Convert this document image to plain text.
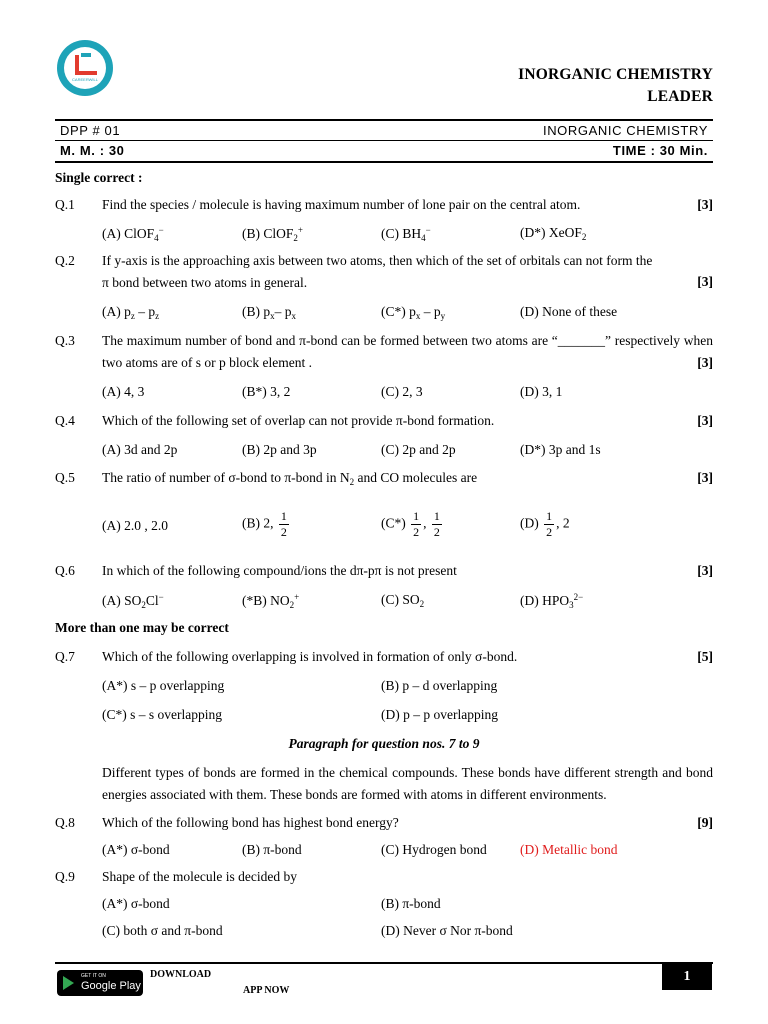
CAREERWILL	INORGANIC CHEMISTRY
LEADER
DPP # 01	INORGANIC CHEMISTRY
M. M. : 30	TIME : 30 Min.
Single correct :
Q.1 Find the species / molecule is having maximum number of lone pair on the central atom.	[3]
(A) ClOF$_4$−	(B) ClOF$_2$+	(C) $BH_4^-$	(D*) XeOF$_2$
Q.2 If y-axis is the approaching axis between two atoms, then which of the set of orbitals can not form the π bond between two atoms in general.	[3]
(A) $p_z - p_z$	(B) $p_x-$ $p_x$	(C*) $p_x - p_y$	(D) None of these
Q.3 The maximum number of bond and π-bond can be formed between two atoms are “_______” respectively when two atoms are of s or p block element .	[3]
(A) 4, 3	(B*) 3, 2	(C) 2, 3	(D) 3, 1
Q.4 Which of the following set of overlap can not provide π-bond formation.	[3]
(A) 3d and 2p	(B) 2p and 3p	(C) 2p and 2p	(D*) 3p and 1s
Q.5 The ratio of number of σ-bond to π-bond in $N_2$ and CO molecules are	[3]
(A) 2.0 , 2.0	(B) 2, $\frac{1}{2}$	$(C*) \frac{1}{2}$ , $\frac{1}{2}$	$(D) \frac{1}{2}$ , 2
Q.6 In which of the following compound/ions the dπ-pπ is not present	[3]
(A) $SO_2Cl^-$	(*B) $NO_2^+$	(C) $SO_2$	(D) $HPO_3^{2-}$
More than one may be correct
Q.7 Which of the following overlapping is involved in formation of only σ-bond.	[5]
(A*) s – p overlapping	(B) p – d overlapping
(C*) s – s overlapping	(D) p – p overlapping
Paragraph for question nos. 7 to 9
Different types of bonds are formed in the chemical compounds. These bonds have different strength and bond energies associated with them. These bonds are formed with atoms in different environments.
Q.8 Which of the following bond has highest bond energy?	[9]
(A*) σ-bond	(B) π-bond	(C) Hydrogen bond (D) Metallic bond
Q.9 Shape of the molecule is decided by
(A*) σ-bond	(B) π-bond
(C) both σ and π-bond	(D) Never σ Nor π-bond
GET IT ON
Google Play
DOWNLOAD
APP NOW
1
